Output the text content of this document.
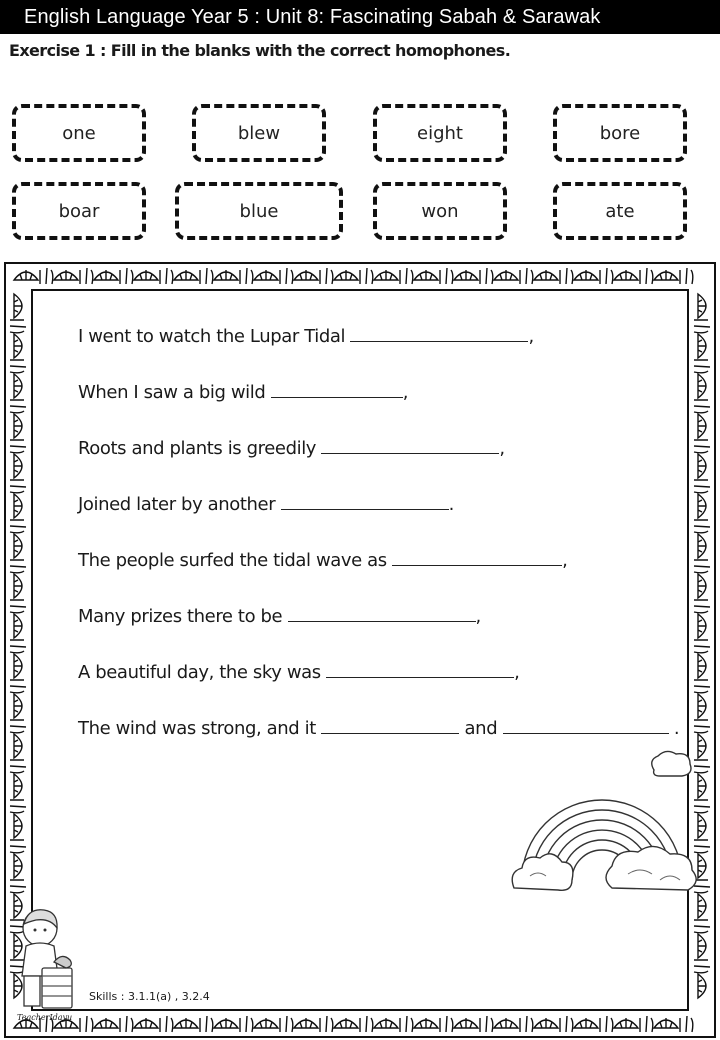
English Language Year 5 : Unit 8: Fascinating Sabah & Sarawak
Exercise 1 : Fill in the blanks with the correct homophones.
one	blew	eight	bore
boar	blue	won	ate
I went to watch the Lupar Tidal	,
When I saw a big wild	,
Roots and plants is greedily	,
Joined later by another	.
The people surfed the tidal wave as	,
Many prizes there to be	,
A beautiful day, the sky was	,
The wind was strong, and it	and	.
Skills : 3.1.1(a) , 3.2.4
TeacherIdayu
